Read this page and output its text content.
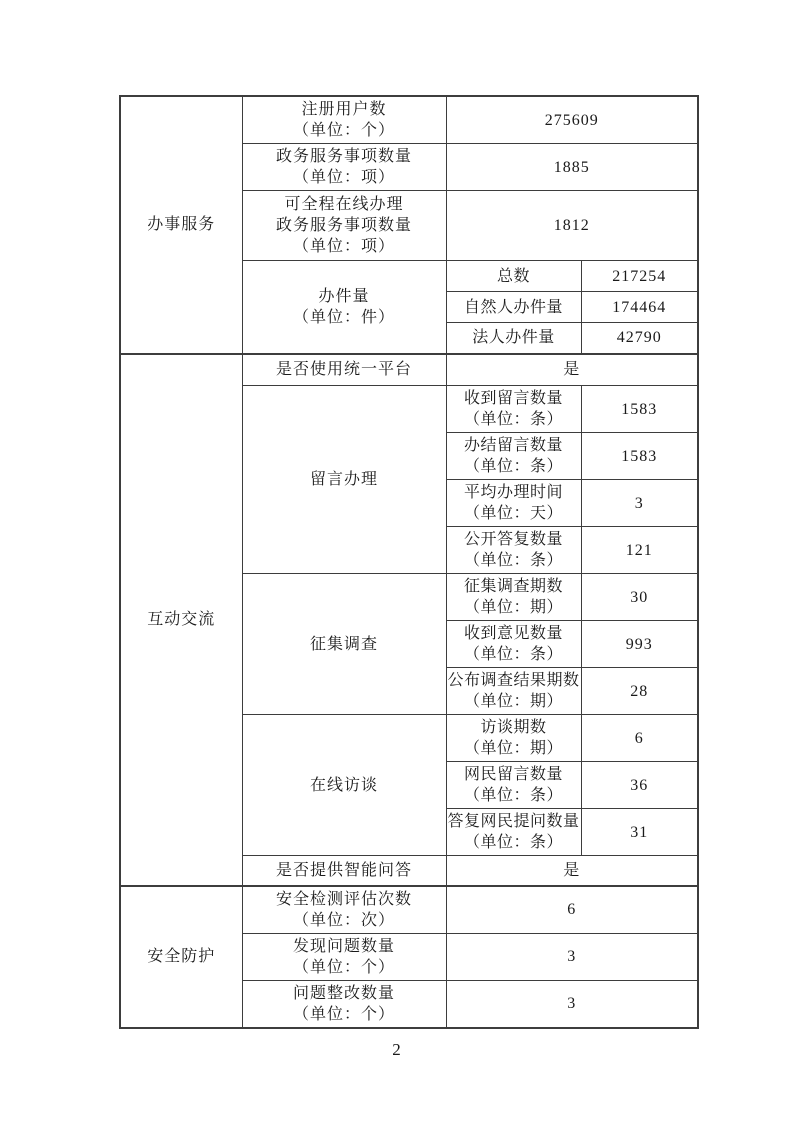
办事服务	注册用户数
（单位：个）	275609	

	政务服务事项数量
（单位：项）	1885	

	可全程在线办理
政务服务事项数量
（单位：项）	1812	

	办件量
（单位：件）	总数	217254

		自然人办件量	174464

		法人办件量	42790
互动交流	是否使用统一平台	是	

	留言办理	收到留言数量
（单位：条）	1583

		办结留言数量
（单位：条）	1583

		平均办理时间
（单位：天）	3

		公开答复数量
（单位：条）	121

	征集调查	征集调查期数
（单位：期）	30

		收到意见数量
（单位：条）	993

		公布调查结果期数
（单位：期）	28

	在线访谈	访谈期数
（单位：期）	6

		网民留言数量
（单位：条）	36

		答复网民提问数量
（单位：条）	31

	是否提供智能问答	是	
安全防护	安全检测评估次数
（单位：次）	6	

	发现问题数量
（单位：个）	3	

	问题整改数量
（单位：个）	3	
2
